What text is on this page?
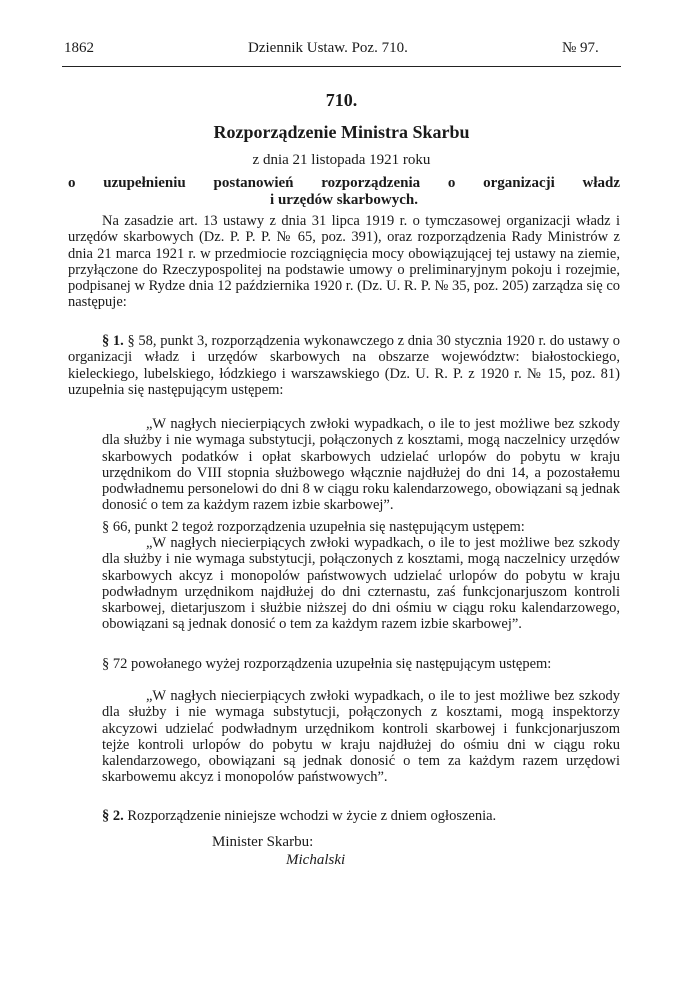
1862	Dziennik Ustaw. Poz. 710.	№ 97.
710.
Rozporządzenie Ministra Skarbu
z dnia 21 listopada 1921 roku
o uzupełnieniu postanowień rozporządzenia o organizacji władz
i urzędów skarbowych.
Na zasadzie art. 13 ustawy z dnia 31 lipca 1919 r. o tymczasowej organizacji władz i urzędów skarbowych (Dz. P. P. P. № 65, poz. 391), oraz rozporządzenia Rady Ministrów z dnia 21 marca 1921 r. w przedmiocie rozciągnięcia mocy obowiązującej tej ustawy na ziemie, przyłączone do Rzeczypospolitej na podstawie umowy o preliminaryjnym pokoju i rozejmie, podpisanej w Rydze dnia 12 października 1920 r. (Dz. U. R. P. № 35, poz. 205) zarządza się co następuje:
§ 1. § 58, punkt 3, rozporządzenia wykonawczego z dnia 30 stycznia 1920 r. do ustawy o organizacji władz i urzędów skarbowych na obszarze województw: białostockiego, kieleckiego, lubelskiego, łódzkiego i warszawskiego (Dz. U. R. P. z 1920 r. № 15, poz. 81) uzupełnia się następującym ustępem:
„W nagłych niecierpiących zwłoki wypadkach, o ile to jest możliwe bez szkody dla służby i nie wymaga substytucji, połączonych z kosztami, mogą naczelnicy urzędów skarbowych podatków i opłat skarbowych udzielać urlopów do pobytu w kraju urzędnikom do VIII stopnia służbowego włącznie najdłużej do dni 14, a pozostałemu podwładnemu personelowi do dni 8 w ciągu roku kalendarzowego, obowiązani są jednak donosić o tem za każdym razem izbie skarbowej”.
§ 66, punkt 2 tegoż rozporządzenia uzupełnia się następującym ustępem:
„W nagłych niecierpiących zwłoki wypadkach, o ile to jest możliwe bez szkody dla służby i nie wymaga substytucji, połączonych z kosztami, mogą naczelnicy urzędów skarbowych akcyz i monopolów państwowych udzielać urlopów do pobytu w kraju podwładnym urzędnikom najdłużej do dni czternastu, zaś funkcjonarjuszom kontroli skarbowej, dietarjuszom i służbie niższej do dni ośmiu w ciągu roku kalendarzowego, obowiązani są jednak donosić o tem za każdym razem izbie skarbowej”.
§ 72 powołanego wyżej rozporządzenia uzupełnia się następującym ustępem:
„W nagłych niecierpiących zwłoki wypadkach, o ile to jest możliwe bez szkody dla służby i nie wymaga substytucji, połączonych z kosztami, mogą inspektorzy akcyzowi udzielać podwładnym urzędnikom kontroli skarbowej i funkcjonarjuszom tejże kontroli urlopów do pobytu w kraju najdłużej do ośmiu dni w ciągu roku kalendarzowego, obowiązani są jednak donosić o tem za każdym razem urzędowi skarbowemu akcyz i monopolów państwowych”.
§ 2. Rozporządzenie niniejsze wchodzi w życie z dniem ogłoszenia.
Minister Skarbu:
Michalski
